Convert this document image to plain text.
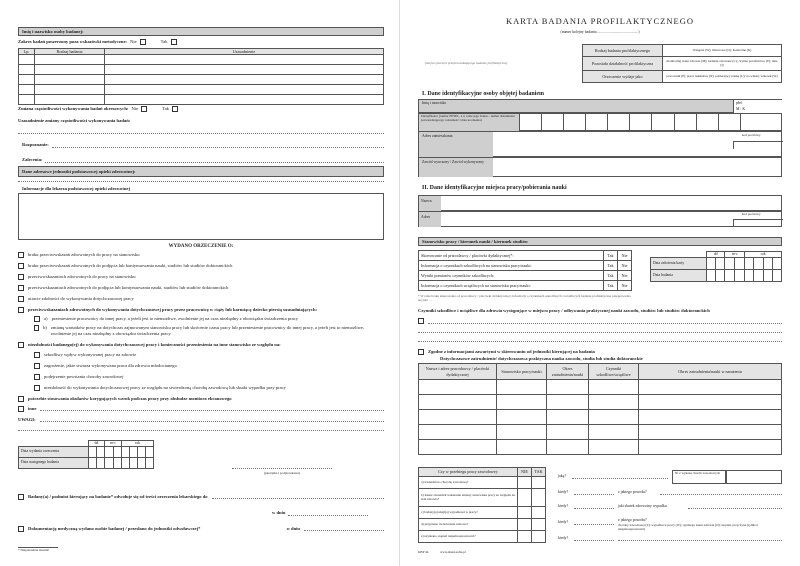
Imię i nazwisko osoby badanej:
Zakres badań poszerzony poza wskazówki metodyczne: Nie	Tak
Lp.	Rodzaj badania	Uzasadnienie

Zmiana częstotliwości wykonywania badań okresowych: Nie	Tak
Uzasadnienie zmiany częstotliwości wykonywania badań:
Rozpoznanie:
Zalecenia:
Dane adresowe jednostki podstawowej opieki zdrowotnej:
Informacje dla lekarza podstawowej opieki zdrowotnej
WYDANO ORZECZENIE O:
braku przeciwwskazań zdrowotnych do pracy na stanowisku
braku przeciwwskazań zdrowotnych do podjęcia lub kontynuowania nauki, studiów lub studiów doktoranckich
przeciwwskazaniach zdrowotnych do pracy na stanowisku
przeciwwskazaniach zdrowotnych do podjęcia lub kontynuowania nauki, studiów lub studiów doktoranckich
utracie zdolności do wykonywania dotychczasowej pracy
przeciwwskazaniach zdrowotnych do wykonywania dotychczasowej pracy przez pracownicę w ciąży lub karmiącą dziecko piersią uzasadniających:
a) przeniesienie pracownicy do innej pracy, a jeżeli jest to niemożliwe, zwolnienie jej na czas niezbędny z obowiązku świadczenia pracy
b) zmianę warunków pracy na dotychczas zajmowanym stanowisku pracy lub skrócenie czasu pracy lub przeniesienie pracownicy do innej pracy, a jeżeli jest to niemożliwe, zwolnienie jej na czas niezbędny z obowiązku świadczenia pracy
niezdolności badanego(ej) do wykonywania dotychczasowej pracy i konieczności przeniesienia na inne stanowisko ze względu na:
szkodliwy wpływ wykonywanej pracy na zdrowie
zagrożenie, jakie stwarza wykonywana praca dla zdrowia młodocianego
podejrzenie powstania choroby zawodowej
niezdolność do wykonywania dotychczasowej pracy ze względu na stwierdzoną chorobę zawodową lub skutki wypadku przy pracy
potrzebie stosowania okularów korygujących wzrok podczas pracy przy obsłudze monitora ekranowego
inne
UWAGI:
	dd		m-c		rok			
Data wydania orzeczenia								
Data następnego badania								
(pieczątka i podpis lekarza)
Badany(a) / podmiot kierujący na badanie* odwołuje się od treści orzeczenia lekarskiego do
w dniu
Dokumentację medyczną wydano osobie badanej / przesłano do jednostki odwoławczej*	w dniu
* Niepotrzebne skreślić
KARTA BADANIA PROFILAKTYCZNEGO
(numer kolejny badania ...........................................)
(miejsce pieczęci przeprowadzającego badanie profilaktyczne)
Rodzaj badania profilaktycznego	Wstępne (W); Okresowe (O); Kontrolne (K)
Pozostała działalność profilaktyczna	monitoring stanu zdrowia (M); badanie celowane (C); czynne poradnictwo (P); inne (I)
Orzeczenie wydaje jako	pracownik (P); praca nakładcza (N); pobierający naukę (U); na własny wniosek (W)
I. Dane identyfikacyjne osoby objętej badaniem
Imię i nazwisko	płeć
M : K
Identyfikator (numer PESEL, a w razie jego braku – numer dokumentu potwierdzającego tożsamość i data urodzenia)
Adres zamieszkania	kod pocztowy
Zawód wyuczony / Zawód wykonywany
II. Dane identyfikacyjne miejsca pracy/pobierania nauki
Nazwa
Adres
kod pocztowy
Stanowisko pracy / kierunek nauki / kierunek studiów
Skierowanie od pracodawcy / placówki dydaktycznej*:	Tak	Nie
Informacja o czynnikach szkodliwych na stanowisku pracy/nauki:	Tak	Nie
Wyniki pomiarów czynników szkodliwych:	Tak	Nie
Informacja o czynnikach uciążliwych na stanowisku pracy/nauki:	Tak	Nie
* W razie braku skierowania od pracodawcy / placówki dydaktycznej i informacji o czynnikach szkodliwych i uciążliwych badanie profilaktyczne przeprowadza się jako …
	dd		m-c		rok			
Data założenia karty								
Data badania								
Czynniki szkodliwe i uciążliwe dla zdrowia występujące w miejscu pracy / odbywania praktycznej nauki zawodu, studiów lub studiów doktoranckich
Zgodne z informacjami zawartymi w skierowaniu od jednostki kierującej na badania
Dotychczasowe zatrudnienie/ dotychczasowa praktyczna nauka zawodu, studia lub studia doktoranckie
Nazwa i adres pracodawcy / placówki dydaktycznej	Stanowisko pracy/nauki	Okres zatrudnienia/nauki	Czynniki szkodliwe/uciążliwe	Okres zatrudnienia/nauki w narażeniu

Czy w przebiegu pracy zawodowej:	NIE	TAK
a) stwierdzono chorobę zawodową?		
b) lekarz stwierdził wskazanie zmiany stanowiska pracy ze względu na stan zdrowia?		
c) badany(a) uległ(a) wypadkowi w pracy?		
d) przyznano świadczenie rentowe?		
e) uzyskano stopień niepełnosprawności?		
jaką?
Nr z wykazu chorób zawodowych
kiedy?	z jakiego powodu?
kiedy?	jaki skutek zdrowotny wypadku
kiedy?	z jakiego powodu?
choroby zawodowej (Z); wypadku w pracy (W); ogólnego stanu zdrowia (O); stopień, przyczyna (symbol niepełnosprawności)
kiedy?
KBP 44	www.druki-zofia.pl
